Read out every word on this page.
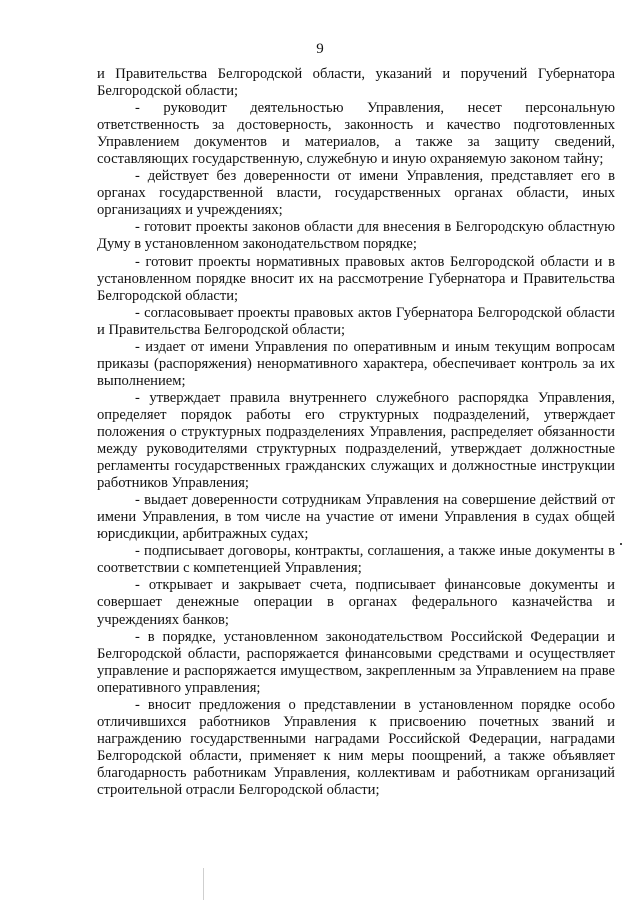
9

и Правительства Белгородской области, указаний и поручений Губернатора Белгородской области;

- руководит деятельностью Управления, несет персональную ответственность за достоверность, законность и качество подготовленных Управлением документов и материалов, а также за защиту сведений, составляющих государственную, служебную и иную охраняемую законом тайну;

- действует без доверенности от имени Управления, представляет его в органах государственной власти, государственных органах области, иных организациях и учреждениях;

- готовит проекты законов области для внесения в Белгородскую областную Думу в установленном законодательством порядке;

- готовит проекты нормативных правовых актов Белгородской области и в установленном порядке вносит их на рассмотрение Губернатора и Правительства Белгородской области;

- согласовывает проекты правовых актов Губернатора Белгородской области и Правительства Белгородской области;

- издает от имени Управления по оперативным и иным текущим вопросам приказы (распоряжения) ненормативного характера, обеспечивает контроль за их выполнением;

- утверждает правила внутреннего служебного распорядка Управления, определяет порядок работы его структурных подразделений, утверждает положения о структурных подразделениях Управления, распределяет обязанности между руководителями структурных подразделений, утверждает должностные регламенты государственных гражданских служащих и должностные инструкции работников Управления;

- выдает доверенности сотрудникам Управления на совершение действий от имени Управления, в том числе на участие от имени Управления в судах общей юрисдикции, арбитражных судах;

- подписывает договоры, контракты, соглашения, а также иные документы в соответствии с компетенцией Управления;

- открывает и закрывает счета, подписывает финансовые документы и совершает денежные операции в органах федерального казначейства и учреждениях банков;

- в порядке, установленном законодательством Российской Федерации и Белгородской области, распоряжается финансовыми средствами и осуществляет управление и распоряжается имуществом, закрепленным за Управлением на праве оперативного управления;

- вносит предложения о представлении в установленном порядке особо отличившихся работников Управления к присвоению почетных званий и награждению государственными наградами Российской Федерации, наградами Белгородской области, применяет к ним меры поощрений, а также объявляет благодарность работникам Управления, коллективам и работникам организаций строительной отрасли Белгородской области;
